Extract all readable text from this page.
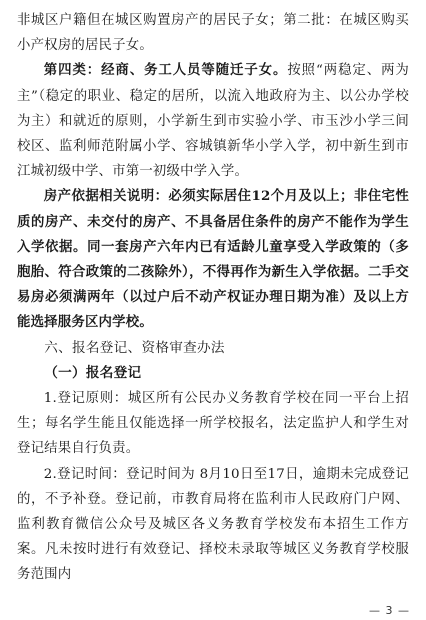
非城区户籍但在城区购置房产的居民子女；第二批：在城区购买小产权房的居民子女。

第四类：经商、务工人员等随迁子女。按照“两稳定、两为主”（稳定的职业、稳定的居所，以流入地政府为主、以公办学校为主）和就近的原则，小学新生到市实验小学、市玉沙小学三间校区、监利师范附属小学、容城镇新华小学入学，初中新生到市江城初级中学、市第一初级中学入学。

房产依据相关说明：必须实际居住12个月及以上；非住宅性质的房产、未交付的房产、不具备居住条件的房产不能作为学生入学依据。同一套房产六年内已有适龄儿童享受入学政策的（多胞胎、符合政策的二孩除外），不得再作为新生入学依据。二手交易房必须满两年（以过户后不动产权证办理日期为准）及以上方能选择服务区内学校。

六、报名登记、资格审查办法

（一）报名登记

1.登记原则：城区所有公民办义务教育学校在同一平台上招生；每名学生能且仅能选择一所学校报名，法定监护人和学生对登记结果自行负责。

2.登记时间：登记时间为 8月10日至17日，逾期未完成登记的，不予补登。登记前，市教育局将在监利市人民政府门户网、监利教育微信公众号及城区各义务教育学校发布本招生工作方案。凡未按时进行有效登记、择校未录取等城区义务教育学校服务范围内

— 3 —
